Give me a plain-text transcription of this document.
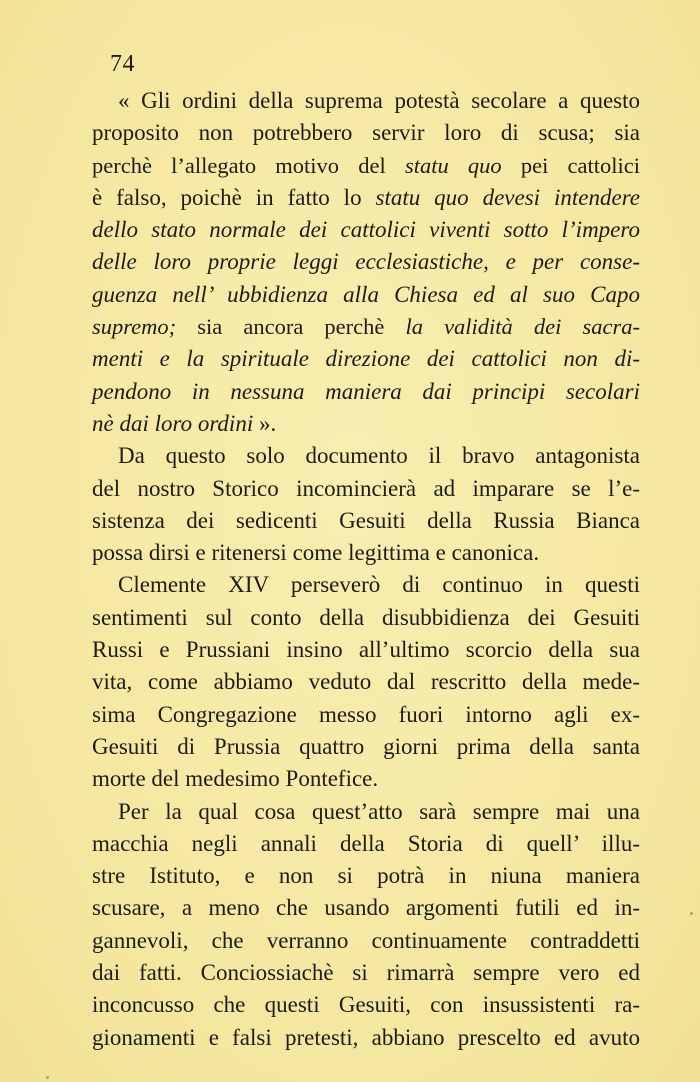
74
« Gli ordini della suprema potestà secolare a questo
proposito non potrebbero servir loro di scusa; sia
perchè l’allegato motivo del statu quo pei cattolici
è falso, poichè in fatto lo statu quo devesi intendere
dello stato normale dei cattolici viventi sotto l’impero
delle loro proprie leggi ecclesiastiche, e per conse-
guenza nell’ ubbidienza alla Chiesa ed al suo Capo
supremo; sia ancora perchè la validità dei sacra-
menti e la spirituale direzione dei cattolici non di-
pendono in nessuna maniera dai principi secolari
nè dai loro ordini ».
Da questo solo documento il bravo antagonista
del nostro Storico incomincierà ad imparare se l’e-
sistenza dei sedicenti Gesuiti della Russia Bianca
possa dirsi e ritenersi come legittima e canonica.
Clemente XIV perseverò di continuo in questi
sentimenti sul conto della disubbidienza dei Gesuiti
Russi e Prussiani insino all’ultimo scorcio della sua
vita, come abbiamo veduto dal rescritto della mede-
sima Congregazione messo fuori intorno agli ex-
Gesuiti di Prussia quattro giorni prima della santa
morte del medesimo Pontefice.
Per la qual cosa quest’atto sarà sempre mai una
macchia negli annali della Storia di quell’ illu-
stre Istituto, e non si potrà in niuna maniera
scusare, a meno che usando argomenti futili ed in-
gannevoli, che verranno continuamente contraddetti
dai fatti. Conciossiachè si rimarrà sempre vero ed
inconcusso che questi Gesuiti, con insussistenti ra-
gionamenti e falsi pretesti, abbiano prescelto ed avuto
